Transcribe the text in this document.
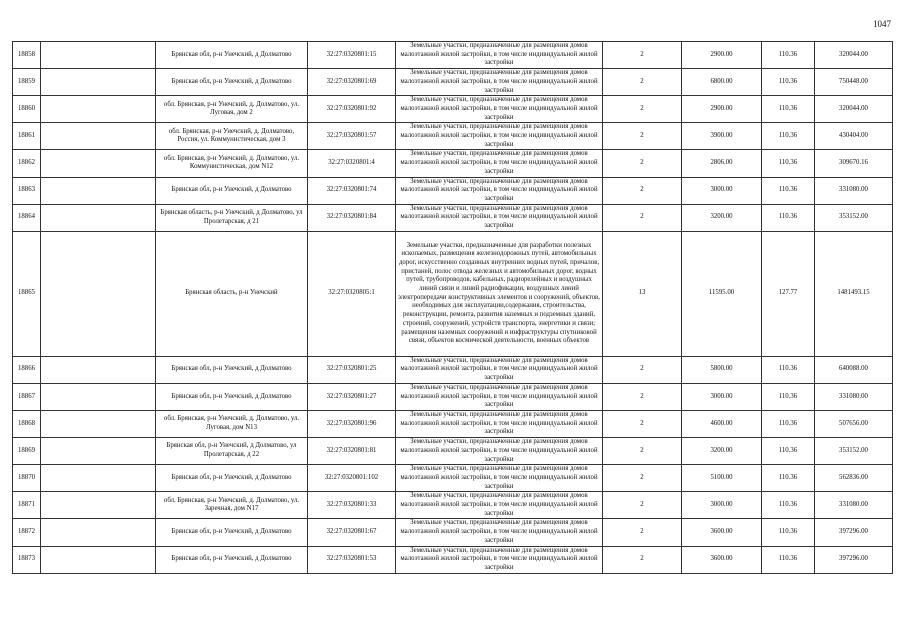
1047
18858		Брянская обл, р-н Унечский, д Долматово	32:27:0320801:15	Земельные участки, предназначенные для размещения домов малоэтажной жилой застройки, в том числе индивидуальной жилой застройки	2	2900.00	110.36	320044.00
18859		Брянская обл, р-н Унечский, д Долматово	32:27:0320801:69	Земельные участки, предназначенные для размещения домов малоэтажной жилой застройки, в том числе индивидуальной жилой застройки	2	6800.00	110.36	750448.00
18860		обл. Брянская, р-н Унечский, д. Долматово, ул. Луговая, дом 2	32:27:0320801:92	Земельные участки, предназначенные для размещения домов малоэтажной жилой застройки, в том числе индивидуальной жилой застройки	2	2900.00	110.36	320044.00
18861		обл. Брянская, р-н Унечский, д. Долматово, Россия, ул. Коммунистическая, дом 3	32:27:0320801:57	Земельные участки, предназначенные для размещения домов малоэтажной жилой застройки, в том числе индивидуальной жилой застройки	2	3900.00	110.36	430404.00
18862		обл. Брянская, р-н Унечский, д. Долматово, ул. Коммунистическая, дом N12	32:27:0320801:4	Земельные участки, предназначенные для размещения домов малоэтажной жилой застройки, в том числе индивидуальной жилой застройки	2	2806.00	110.36	309670.16
18863		Брянская обл, р-н Унечский, д Долматово	32:27:0320801:74	Земельные участки, предназначенные для размещения домов малоэтажной жилой застройки, в том числе индивидуальной жилой застройки	2	3000.00	110.36	331080.00
18864		Брянская область, р-н Унечский, д Долматово, ул Пролетарская, д 21	32:27:0320801:84	Земельные участки, предназначенные для размещения домов малоэтажной жилой застройки, в том числе индивидуальной жилой застройки	2	3200.00	110.36	353152.00
18865		Брянская область, р-н Унечский	32:27:0320805:1	Земельные участки, предназначенные для разработки полезных ископаемых, размещения железнодорожных путей, автомобильных дорог, искусственно созданных внутренних водных путей, причалов, пристаней, полос отвода железных и автомобильных дорог, водных путей, трубопроводов, кабельных, радиорелейных и воздушных линий связи и линий радиофикации, воздушных линий электропередачи конструктивных элементов и сооружений, объектов, необходимых для эксплуатации,содержания, строительства, реконструкции, ремонта, развития наземных и подземных зданий, строений, сооружений, устройств транспорта, энергетики и связи; размещения наземных сооружений и инфраструктуры спутниковой связи, объектов космической деятельности, военных объектов	13	11595.00	127.77	1481493.15
18866		Брянская обл, р-н Унечский, д Долматово	32:27:0320801:25	Земельные участки, предназначенные для размещения домов малоэтажной жилой застройки, в том числе индивидуальной жилой застройки	2	5800.00	110.36	640088.00
18867		Брянская обл, р-н Унечский, д Долматово	32:27:0320801:27	Земельные участки, предназначенные для размещения домов малоэтажной жилой застройки, в том числе индивидуальной жилой застройки	2	3000.00	110.36	331080.00
18868		обл. Брянская, р-н Унечский, д. Долматово, ул. Луговая, дом N13	32:27:0320801:96	Земельные участки, предназначенные для размещения домов малоэтажной жилой застройки, в том числе индивидуальной жилой застройки	2	4600.00	110.36	507656.00
18869		Брянская обл, р-н Унечский, д Долматово, ул Пролетарская, д 22	32:27:0320801:81	Земельные участки, предназначенные для размещения домов малоэтажной жилой застройки, в том числе индивидуальной жилой застройки	2	3200.00	110.36	353152.00
18870		Брянская обл, р-н Унечский, д Долматово	32:27:0320801:102	Земельные участки, предназначенные для размещения домов малоэтажной жилой застройки, в том числе индивидуальной жилой застройки	2	5100.00	110.36	562836.00
18871		обл. Брянская, р-н Унечский, д. Долматово, ул. Заречная, дом N17	32:27:0320801:33	Земельные участки, предназначенные для размещения домов малоэтажной жилой застройки, в том числе индивидуальной жилой застройки	2	3000.00	110.36	331080.00
18872		Брянская обл, р-н Унечский, д Долматово	32:27:0320801:67	Земельные участки, предназначенные для размещения домов малоэтажной жилой застройки, в том числе индивидуальной жилой застройки	2	3600.00	110.36	397296.00
18873		Брянская обл, р-н Унечский, д Долматово	32:27:0320801:53	Земельные участки, предназначенные для размещения домов малоэтажной жилой застройки, в том числе индивидуальной жилой застройки	2	3600.00	110.36	397296.00
